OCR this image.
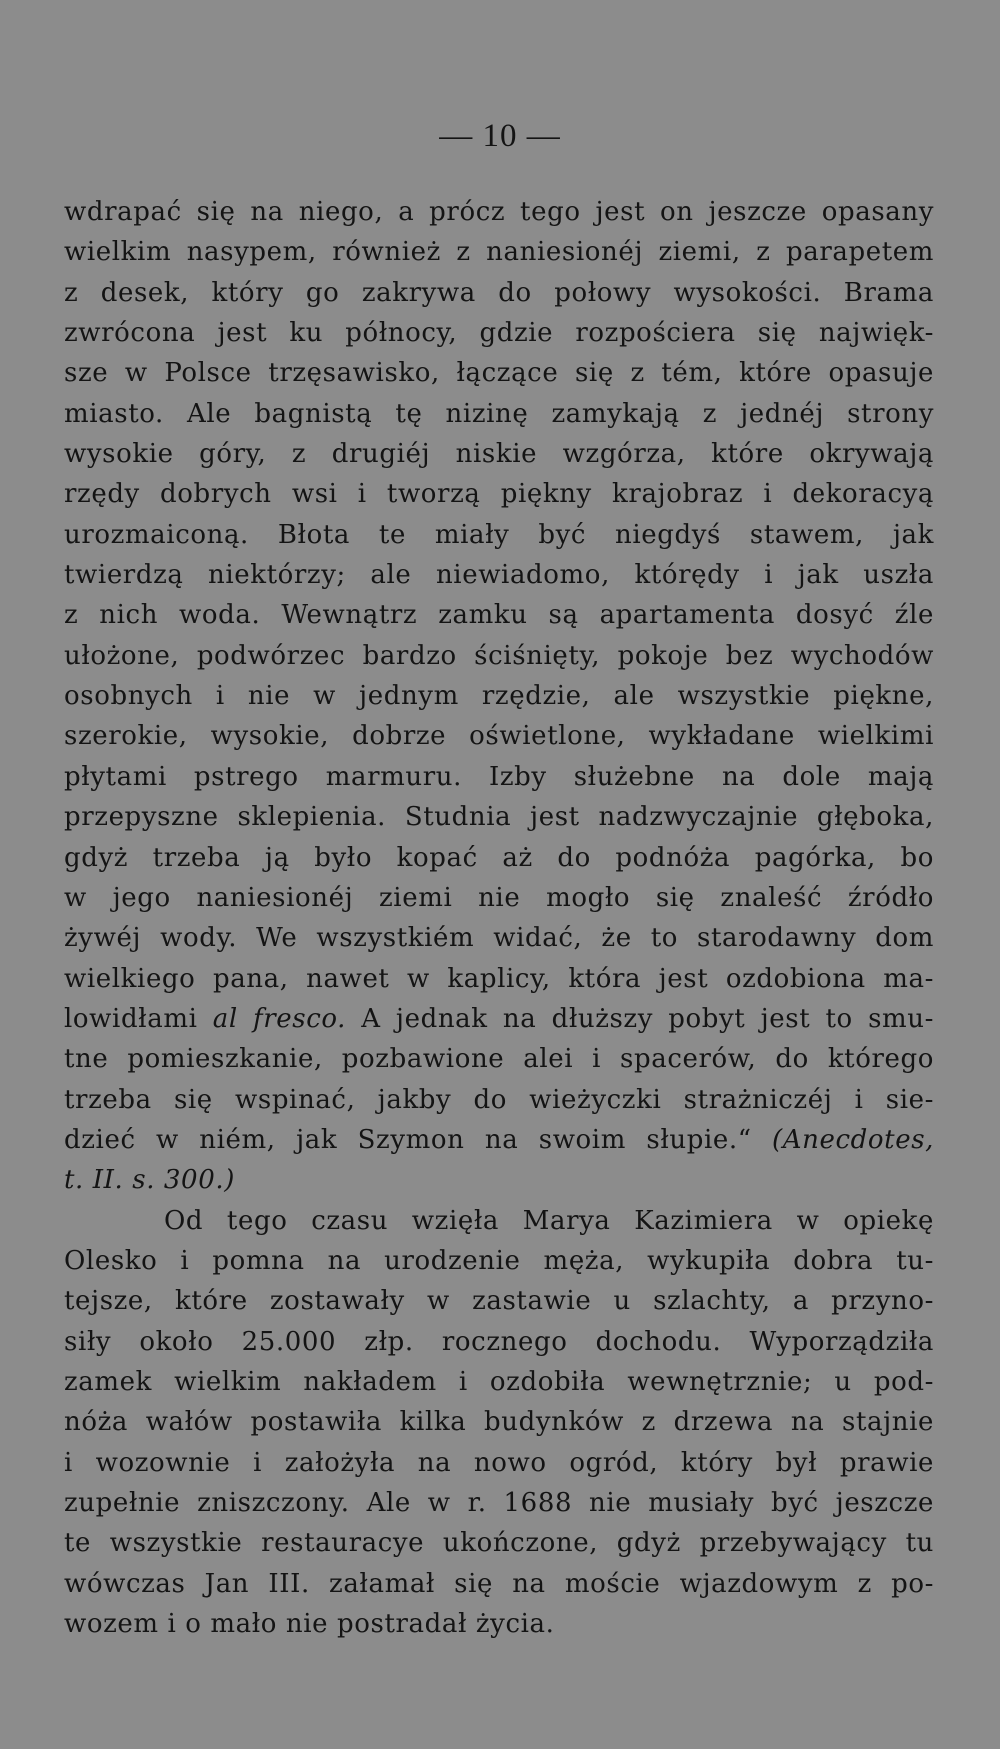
— 10 —
wdrapać się na niego, a prócz tego jest on jeszcze opasany
wielkim nasypem, również z naniesionéj ziemi, z parapetem
z desek, który go zakrywa do połowy wysokości. Brama
zwrócona jest ku północy, gdzie rozpościera się najwięk-
sze w Polsce trzęsawisko, łączące się z tém, które opasuje
miasto. Ale bagnistą tę nizinę zamykają z jednéj strony
wysokie góry, z drugiéj niskie wzgórza, które okrywają
rzędy dobrych wsi i tworzą piękny krajobraz i dekoracyą
urozmaiconą. Błota te miały być niegdyś stawem, jak
twierdzą niektórzy; ale niewiadomo, którędy i jak uszła
z nich woda. Wewnątrz zamku są apartamenta dosyć źle
ułożone, podwórzec bardzo ściśnięty, pokoje bez wychodów
osobnych i nie w jednym rzędzie, ale wszystkie piękne,
szerokie, wysokie, dobrze oświetlone, wykładane wielkimi
płytami pstrego marmuru. Izby służebne na dole mają
przepyszne sklepienia. Studnia jest nadzwyczajnie głęboka,
gdyż trzeba ją było kopać aż do podnóża pagórka, bo
w jego naniesionéj ziemi nie mogło się znaleść źródło
żywéj wody. We wszystkiém widać, że to starodawny dom
wielkiego pana, nawet w kaplicy, która jest ozdobiona ma-
lowidłami al fresco. A jednak na dłuższy pobyt jest to smu-
tne pomieszkanie, pozbawione alei i spacerów, do którego
trzeba się wspinać, jakby do wieżyczki strażniczéj i sie-
dzieć w niém, jak Szymon na swoim słupie.“ (Anecdotes,
t. II. s. 300.)
Od tego czasu wzięła Marya Kazimiera w opiekę
Olesko i pomna na urodzenie męża, wykupiła dobra tu-
tejsze, które zostawały w zastawie u szlachty, a przyno-
siły około 25.000 złp. rocznego dochodu. Wyporządziła
zamek wielkim nakładem i ozdobiła wewnętrznie; u pod-
nóża wałów postawiła kilka budynków z drzewa na stajnie
i wozownie i założyła na nowo ogród, który był prawie
zupełnie zniszczony. Ale w r. 1688 nie musiały być jeszcze
te wszystkie restauracye ukończone, gdyż przebywający tu
wówczas Jan III. załamał się na moście wjazdowym z po-
wozem i o mało nie postradał życia.
